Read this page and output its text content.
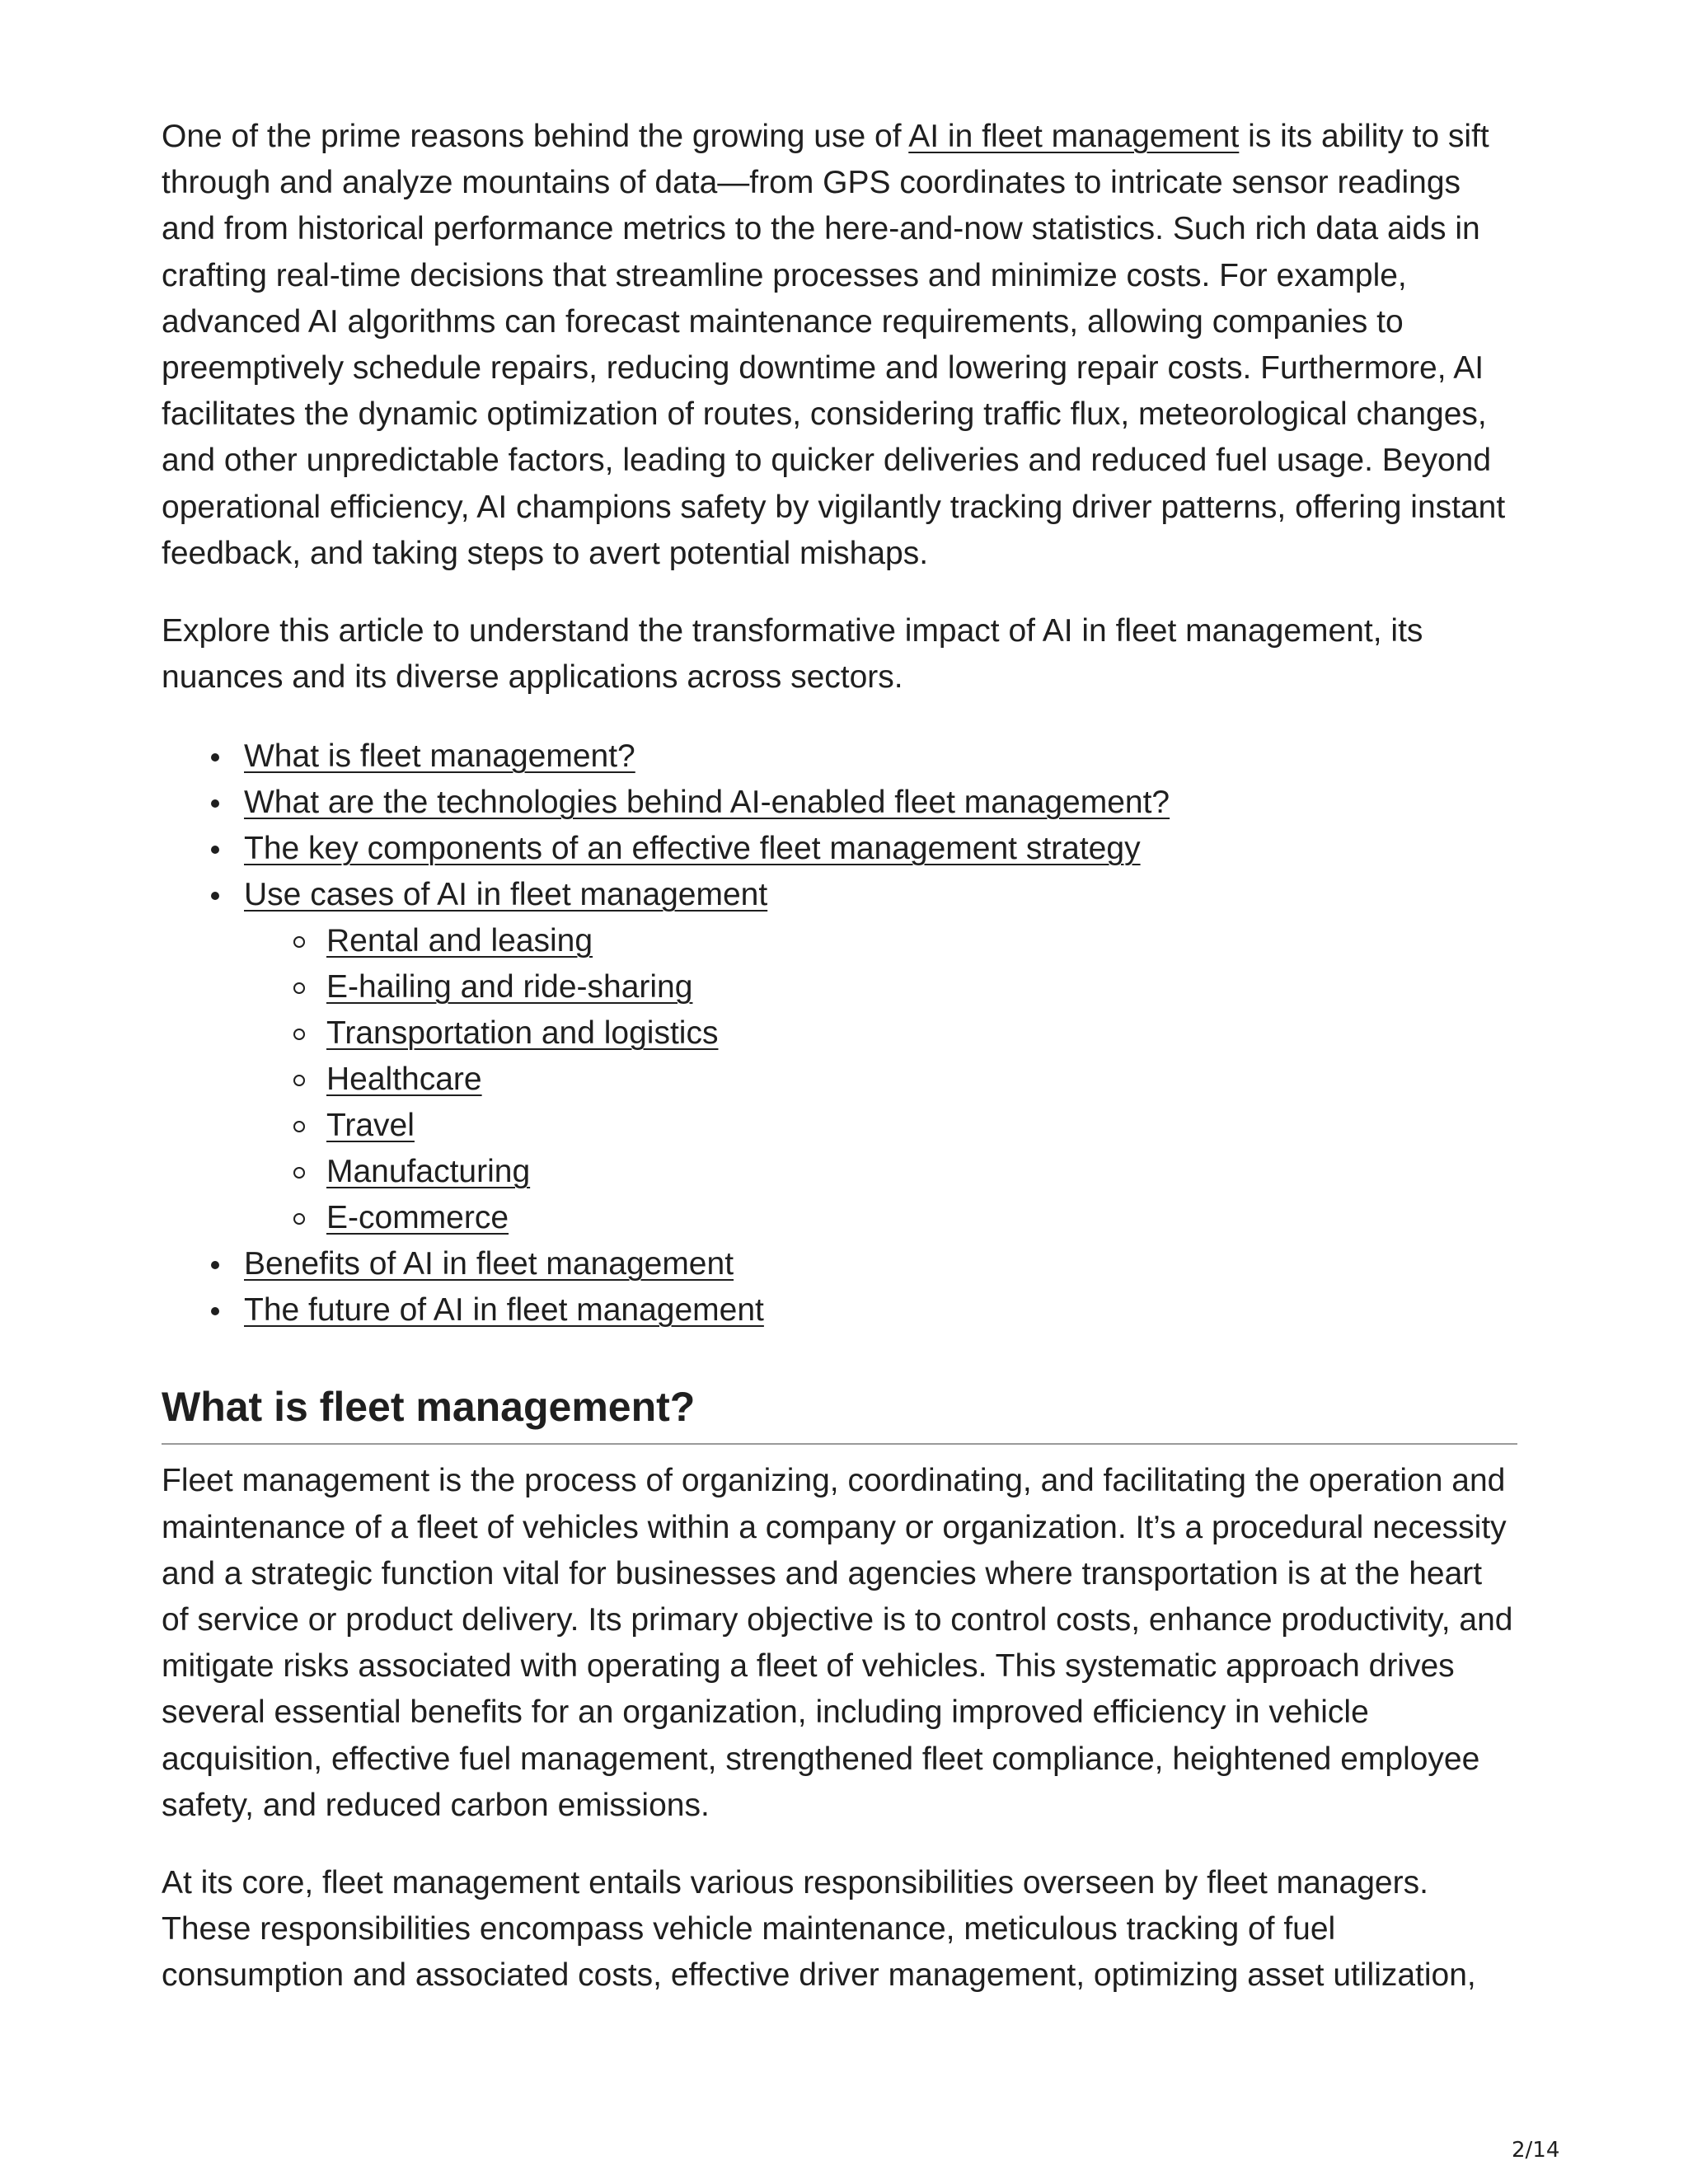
One of the prime reasons behind the growing use of AI in fleet management is its ability to sift through and analyze mountains of data—from GPS coordinates to intricate sensor readings and from historical performance metrics to the here-and-now statistics. Such rich data aids in crafting real-time decisions that streamline processes and minimize costs. For example, advanced AI algorithms can forecast maintenance requirements, allowing companies to preemptively schedule repairs, reducing downtime and lowering repair costs. Furthermore, AI facilitates the dynamic optimization of routes, considering traffic flux, meteorological changes, and other unpredictable factors, leading to quicker deliveries and reduced fuel usage. Beyond operational efficiency, AI champions safety by vigilantly tracking driver patterns, offering instant feedback, and taking steps to avert potential mishaps.

Explore this article to understand the transformative impact of AI in fleet management, its nuances and its diverse applications across sectors.

What is fleet management?
What are the technologies behind AI-enabled fleet management?
The key components of an effective fleet management strategy
Use cases of AI in fleet management
Rental and leasing
E-hailing and ride-sharing
Transportation and logistics
Healthcare
Travel
Manufacturing
E-commerce
Benefits of AI in fleet management
The future of AI in fleet management
What is fleet management?

Fleet management is the process of organizing, coordinating, and facilitating the operation and maintenance of a fleet of vehicles within a company or organization. It’s a procedural necessity and a strategic function vital for businesses and agencies where transportation is at the heart of service or product delivery. Its primary objective is to control costs, enhance productivity, and mitigate risks associated with operating a fleet of vehicles. This systematic approach drives several essential benefits for an organization, including improved efficiency in vehicle acquisition, effective fuel management, strengthened fleet compliance, heightened employee safety, and reduced carbon emissions.

At its core, fleet management entails various responsibilities overseen by fleet managers. These responsibilities encompass vehicle maintenance, meticulous tracking of fuel consumption and associated costs, effective driver management, optimizing asset utilization,

2/14
